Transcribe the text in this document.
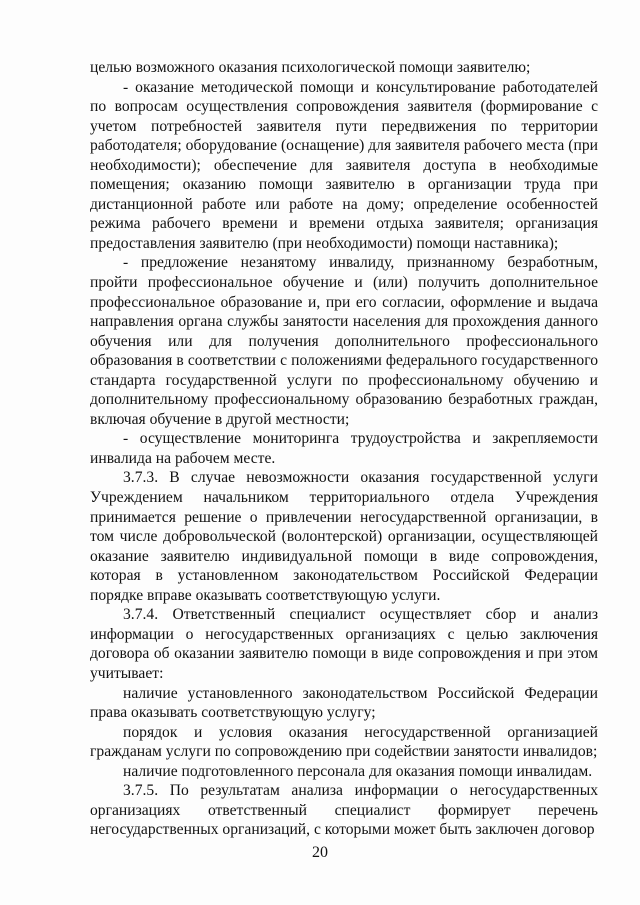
целью возможного оказания психологической помощи заявителю;

- оказание методической помощи и консультирование работодателей по вопросам осуществления сопровождения заявителя (формирование с учетом потребностей заявителя пути передвижения по территории работодателя; оборудование (оснащение) для заявителя рабочего места (при необходимости); обеспечение для заявителя доступа в необходимые помещения; оказанию помощи заявителю в организации труда при дистанционной работе или работе на дому; определение особенностей режима рабочего времени и времени отдыха заявителя; организация предоставления заявителю (при необходимости) помощи наставника);

- предложение незанятому инвалиду, признанному безработным, пройти профессиональное обучение и (или) получить дополнительное профессиональное образование и, при его согласии, оформление и выдача направления органа службы занятости населения для прохождения данного обучения или для получения дополнительного профессионального образования в соответствии с положениями федерального государственного стандарта государственной услуги по профессиональному обучению и дополнительному профессиональному образованию безработных граждан, включая обучение в другой местности;

- осуществление мониторинга трудоустройства и закрепляемости инвалида на рабочем месте.

3.7.3. В случае невозможности оказания государственной услуги Учреждением начальником территориального отдела Учреждения принимается решение о привлечении негосударственной организации, в том числе добровольческой (волонтерской) организации, осуществляющей оказание заявителю индивидуальной помощи в виде сопровождения, которая в установленном законодательством Российской Федерации порядке вправе оказывать соответствующую услуги.

3.7.4. Ответственный специалист осуществляет сбор и анализ информации о негосударственных организациях с целью заключения договора об оказании заявителю помощи в виде сопровождения и при этом учитывает:

наличие установленного законодательством Российской Федерации права оказывать соответствующую услугу;

порядок и условия оказания негосударственной организацией гражданам услуги по сопровождению при содействии занятости инвалидов;

наличие подготовленного персонала для оказания помощи инвалидам.

3.7.5. По результатам анализа информации о негосударственных организациях ответственный специалист формирует перечень негосударственных организаций, с которыми может быть заключен договор

20
